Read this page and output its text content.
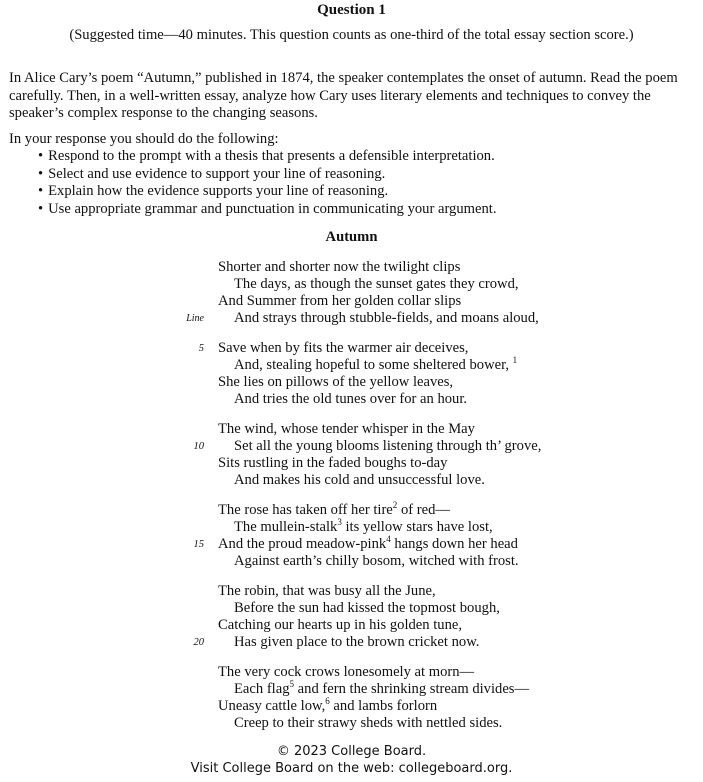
Question 1
(Suggested time—40 minutes. This question counts as one-third of the total essay section score.)
In Alice Cary’s poem “Autumn,” published in 1874, the speaker contemplates the onset of autumn. Read the poem carefully. Then, in a well-written essay, analyze how Cary uses literary elements and techniques to convey the speaker’s complex response to the changing seasons.
In your response you should do the following:
• Respond to the prompt with a thesis that presents a defensible interpretation.
• Select and use evidence to support your line of reasoning.
• Explain how the evidence supports your line of reasoning.
• Use appropriate grammar and punctuation in communicating your argument.
Autumn
Shorter and shorter now the twilight clips
The days, as though the sunset gates they crowd,
And Summer from her golden collar slips
Line	And strays through stubble-fields, and moans aloud,
5 Save when by fits the warmer air deceives,
And, stealing hopeful to some sheltered bower, $^1$
She lies on pillows of the yellow leaves,
And tries the old tunes over for an hour.
The wind, whose tender whisper in the May
10	Set all the young blooms listening through th’ grove,
Sits rustling in the faded boughs to-day
And makes his cold and unsuccessful love.
The rose has taken off her tire$^2$ of red—
The mullein-stalk$^3$ its yellow stars have lost,
15 And the proud meadow-pink$^4$ hangs down her head
Against earth’s chilly bosom, witched with frost.
The robin, that was busy all the June,
Before the sun had kissed the topmost bough,
Catching our hearts up in his golden tune,
20	Has given place to the brown cricket now.
The very cock crows lonesomely at morn—
Each flag$^5$ and fern the shrinking stream divides—
Uneasy cattle low,$^6$ and lambs forlorn
Creep to their strawy sheds with nettled sides.
© 2023 College Board.
Visit College Board on the web: collegeboard.org.
